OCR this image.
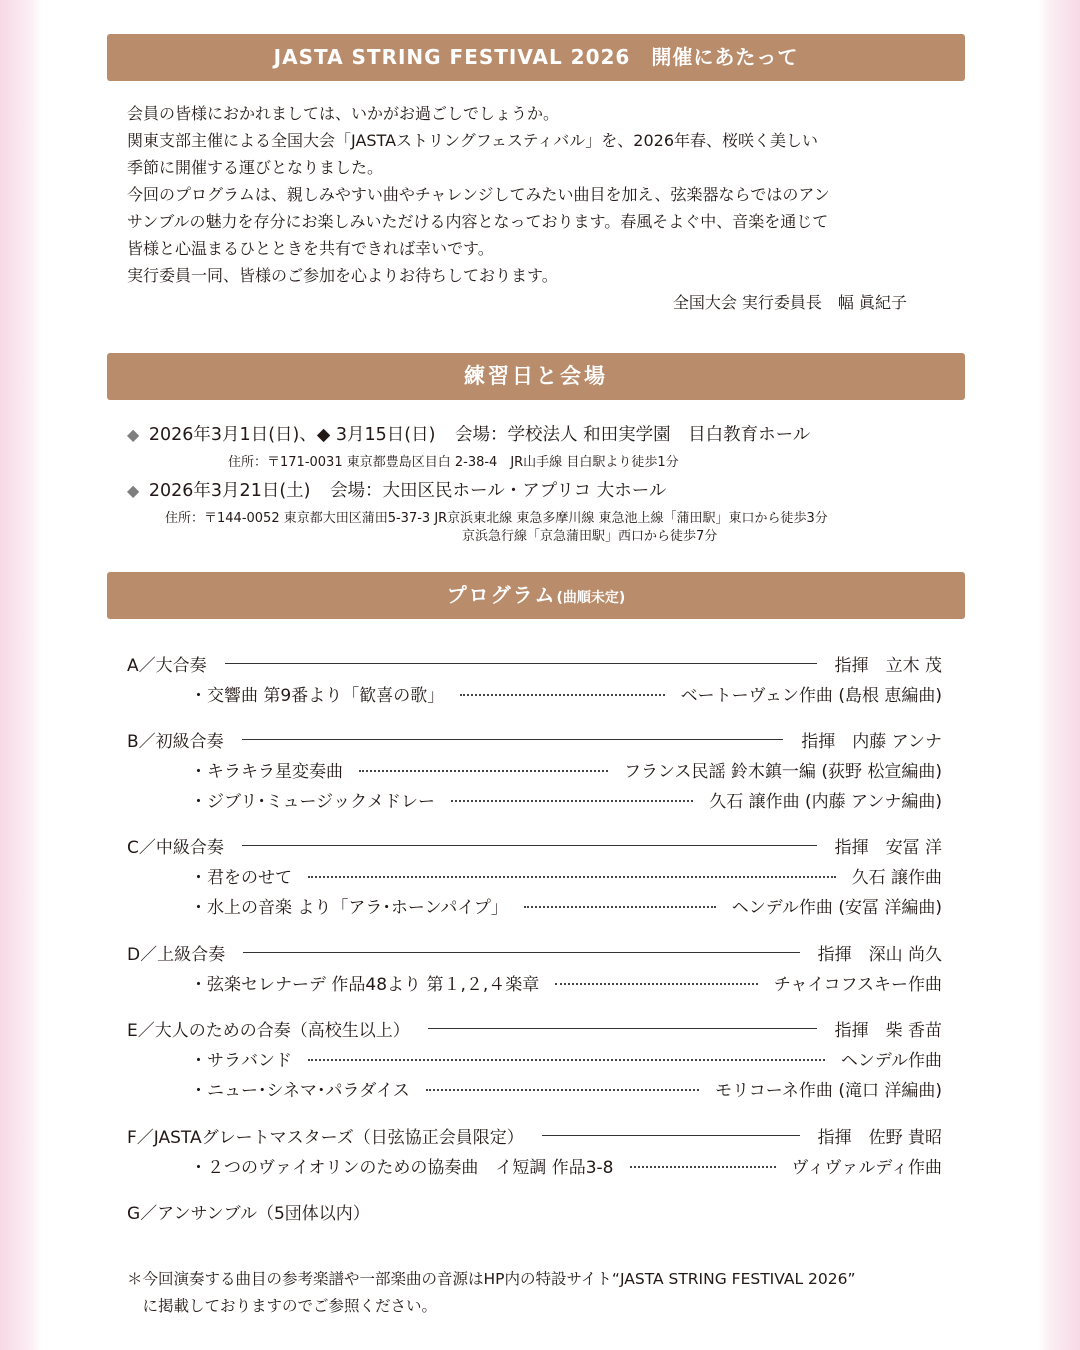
JASTA STRING FESTIVAL 2026　開催にあたって

会員の皆様におかれましては、いかがお過ごしでしょうか。

関東支部主催による全国大会「JASTAストリングフェスティバル」を、2026年春、桜咲く美しい

季節に開催する運びとなりました。

今回のプログラムは、親しみやすい曲やチャレンジしてみたい曲目を加え、弦楽器ならではのアン

サンブルの魅力を存分にお楽しみいただける内容となっております。春風そよぐ中、音楽を通じて

皆様と心温まるひとときを共有できれば幸いです。

実行委員一同、皆様のご参加を心よりお待ちしております。

全国大会 実行委員長　幅 眞紀子
練習日と会場
◆ 2026年3月1日(日)、◆ 3月15日(日) 会場：学校法人 和田実学園　目白教育ホール
住所：〒171-0031 東京都豊島区目白 2-38-4　JR山手線 目白駅より徒歩1分
◆ 2026年3月21日(土) 会場：大田区民ホール・アプリコ 大ホール
住所：〒144-0052 東京都大田区蒲田5-37-3 JR京浜東北線 東急多摩川線 東急池上線「蒲田駅」東口から徒歩3分
京浜急行線「京急蒲田駅」西口から徒歩7分
プログラム(曲順未定)
A／大合奏	指揮　立木 茂
・交響曲 第9番より「歓喜の歌」	ベートーヴェン作曲 (島根 恵編曲)
B／初級合奏	指揮　内藤 アンナ
・キラキラ星変奏曲	フランス民謡 鈴木鎮一編 (荻野 松宣編曲)
・ジブリ･ミュージックメドレー	久石 譲作曲 (内藤 アンナ編曲)
C／中級合奏	指揮　安冨 洋
・君をのせて	久石 譲作曲
・水上の音楽 より「アラ･ホーンパイプ」	ヘンデル作曲 (安冨 洋編曲)
D／上級合奏	指揮　深山 尚久
・弦楽セレナーデ 作品48より 第１,２,４楽章	チャイコフスキー作曲
E／大人のための合奏（高校生以上）	指揮　柴 香苗
・サラバンド	ヘンデル作曲
・ニュー･シネマ･パラダイス	モリコーネ作曲 (滝口 洋編曲)
F／JASTAグレートマスターズ（日弦協正会員限定）	指揮　佐野 貴昭
・２つのヴァイオリンのための協奏曲　イ短調 作品3-8	ヴィヴァルディ作曲
G／アンサンブル（5団体以内）

＊今回演奏する曲目の参考楽譜や一部楽曲の音源はHP内の特設サイト“JASTA STRING FESTIVAL 2026”

　に掲載しておりますのでご参照ください。
